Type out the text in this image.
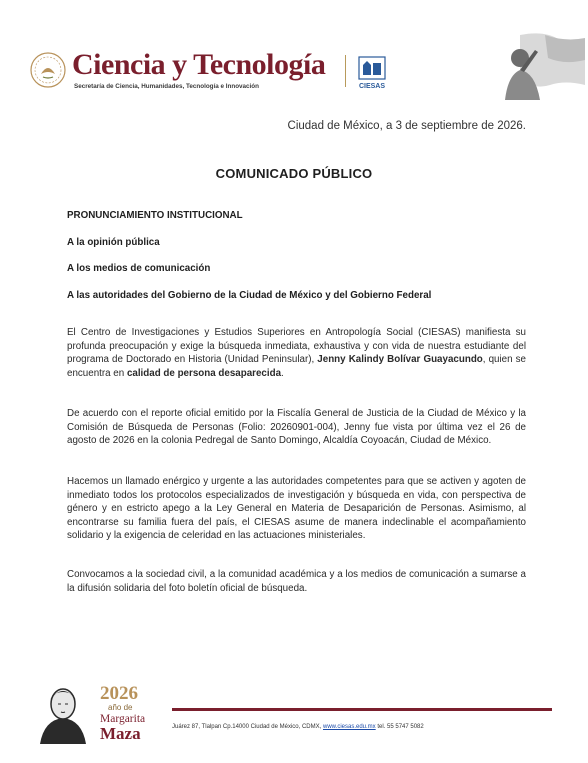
Ciencia y Tecnología
Secretaría de Ciencia, Humanidades, Tecnología e Innovación	CIESAS
Ciudad de México, a 3 de septiembre de 2026.
COMUNICADO PÚBLICO
PRONUNCIAMIENTO INSTITUCIONAL
A la opinión pública
A los medios de comunicación
A las autoridades del Gobierno de la Ciudad de México y del Gobierno Federal
El Centro de Investigaciones y Estudios Superiores en Antropología Social (CIESAS) manifiesta su profunda preocupación y exige la búsqueda inmediata, exhaustiva y con vida de nuestra estudiante del programa de Doctorado en Historia (Unidad Peninsular), Jenny Kalindy Bolívar Guayacundo, quien se encuentra en calidad de persona desaparecida.
De acuerdo con el reporte oficial emitido por la Fiscalía General de Justicia de la Ciudad de México y la Comisión de Búsqueda de Personas (Folio: 20260901-004), Jenny fue vista por última vez el 26 de agosto de 2026 en la colonia Pedregal de Santo Domingo, Alcaldía Coyoacán, Ciudad de México.
Hacemos un llamado enérgico y urgente a las autoridades competentes para que se activen y agoten de inmediato todos los protocolos especializados de investigación y búsqueda en vida, con perspectiva de género y en estricto apego a la Ley General en Materia de Desaparición de Personas. Asimismo, al encontrarse su familia fuera del país, el CIESAS asume de manera indeclinable el acompañamiento solidario y la exigencia de celeridad en las actuaciones ministeriales.
Convocamos a la sociedad civil, a la comunidad académica y a los medios de comunicación a sumarse a la difusión solidaria del foto boletín oficial de búsqueda.
2026
año de
Margarita
Maza	Juárez 87, Tlalpan Cp.14000 Ciudad de México, CDMX, www.ciesas.edu.mx tel. 55 5747 5082
